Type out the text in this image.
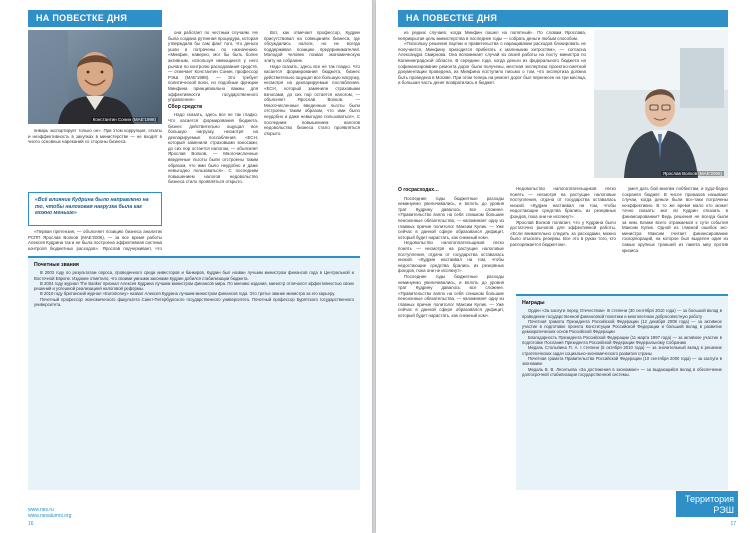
НА ПОВЕСТКЕ ДНЯ
Константин Сонин (МАЕ'1998)

январь экспортирует только он». При этом коррупция, откаты и неэффективность в закупках в министерстве — не входят в число основных нареканий со стороны бизнеса.

«Всё влияние Кудрина было направлено на то, чтобы налоговая нагрузка была как можно меньше»

«Первая претензия, — объясняет позицию бизнеса аналитик РСПП Ярослав Волков (МАЕ'2006), — за все время работы Алексея Кудрина так и не была построена эффективная система контроля бюджетных расходов». Ярослав подчеркивает, что

она работает по честным случаям. Не была создана рутинная процедура, которая утверждала бы сам факт того, что деньги ушли и потрачены по назначению. «Минфин, наверно, мог бы быть более активным, используя имеющиеся у него рычаги по контролю расходования средств, — отмечает Константин Сонин, профессор РЭШ (МАЕ'1998). — Это требует политической воли, но подобные функции Минфина принципиально важны для эффективности государственного управления».

Сбор средств

Надо сказать, здесь все не так гладко. Что касается формирования бюджета, бизнес действительно ощущал все большую нагрузку, несмотря на декларируемые послабления. «ЕСН, который заменили страховыми взносами, до сих пор остается налогом, — объясняет Ярослав Волков. — Многочисленные введенные льготы были отстроены таким образом, что ими было неудобно и даже невыгодно пользоваться». С последним повышением налогов недовольство бизнеса стало проявляться открыто.

Вот, как отмечает профессор, Кудрин присутствовал на совещаниях бизнеса, где обсуждались налоги, но не всегда поддерживал позицию предпринимателей. Молодой человек позвал экономическую элиту на собрание.

Надо сказать, здесь все не так гладко. Что касается формирования бюджета, бизнес действительно ощущал все большую нагрузку, несмотря на декларируемые послабления. «ЕСН, который заменили страховыми взносами, до сих пор остается налогом, — объясняет Ярослав Волков. — Многочисленные введенные льготы были отстроены таким образом, что ими было неудобно и даже невыгодно пользоваться». С последним повышением налогов недовольство бизнеса стало проявляться открыто.

Почетные звания

В 2003 году по результатам опроса, проведенного среди инвесторов и банкиров, Кудрин был назван лучшим министром финансов года в Центральной и Восточной Европе. Издание отметило, что своими умными законами Кудрин добился стабилизации бюджета.

В 2004 году журнал The Banker признал Алексея Кудрина лучшим министром финансов мира. По мнению издания, министр отличался эффективностью своих решений и успешной реализацией налоговой реформы.

В 2010 году британский журнал «Euromoney» назвал Алексея Кудрина лучшим министром финансов года. Это третье звание министра за его карьеру.

Почетный профессор экономического факультета Санкт-Петербургского государственного университета. Почетный профессор Бурятского государственного университета.

www.nes.ru
www.nesalumni.org
16
НА ПОВЕСТКЕ ДНЯ

из редких случаев, когда Минфин пошел на попятный». По словам Ярослава, неприкрытая цель министерства в последнее годы — собрать деньги любым способом.

«Поскольку решения партии и правительства о наращивании расходов блокировать не получается, Минфину приходится прибегать к маленьким хитростям», — согласна Александра Смирнова. Она вспоминает случай из своей работы на посту министра по Калининградской области. В середине года, когда деньги из федерального бюджета на софинансирование ремонта дорог были получены, местная экспертиза проектно-сметной документации проведена, из Минфина поступило письмо о том, что экспертиза должна быть проведена в Москве. При этом теперь на ремонт дорог был перенесен на три месяца, и большая часть денег возвратилась в бюджет.

Ярослав Волков (МАЕ'2006)

О госрасходах…

Последние годы бюджетные расходы неминуемо увеличивались, и вплоть до уровня трат Кудрину давалось все сложнее. «Правительство взяло на себя слишком большие пенсионные обязательства, — напоминает одну из главных причин политолог Максим Кулик. — Уже сейчас в данной сфере образовался дефицит, который будет нарастать, как снежный ком».

Недовольство налогоплательщиков легко понять — несмотря на растущие налоговые поступления, отдача от государства оставалась низкой. «Кудрин настаивал на том, чтобы недостающие средства брались из резервных фондов, пока они не иссякнут».

Последние годы бюджетные расходы неминуемо увеличивались, и вплоть до уровня трат Кудрину давалось все сложнее. «Правительство взяло на себя слишком большие пенсионные обязательства, — напоминает одну из главных причин политолог Максим Кулик. — Уже сейчас в данной сфере образовался дефицит, который будет нарастать, как снежный ком».

Недовольство налогоплательщиков легко понять — несмотря на растущие налоговые поступления, отдача от государства оставалась низкой. «Кудрин настаивал на том, чтобы недостающие средства брались из резервных фондов, пока они не иссякнут».

Ярослав Волков полагает, что у Кудрина было достаточно рычагов для эффективной работы. «Если внимательно следить за расходами, можно было отыскать резервы. Все это в руках того, кто распоряжается бюджетом».

умел дать бой многим лоббистам, и худо-бедно сохранял бюджет. В числе промахов называют случаи, когда деньги были все-таки потрачены неэффективно. В то же время мало кто может точно сказать: мог ли Кудрин отказать в финансировании? Ведь решения не всегда были за ним. Ближе всего отражаемся к сути события Максим Кулик. Одной из главной ошибок экс-министра Максим считает финансирование госкорпораций, на которое был выделен один из самых крупных траншей из пакета мер против кризиса.

Награды

Орден «За заслуги перед Отечеством» III степени (30 сентября 2010 года) — за большой вклад в проведение государственной финансовой политики и многолетнюю добросовестную работу

Почетная грамота Президента Российской Федерации (12 декабря 2008 года) — за активное участие в подготовке проекта Конституции Российской Федерации и большой вклад в развитие демократических основ Российской Федерации

Благодарность Президента Российской Федерации (11 марта 1997 года) — за активное участие в подготовке Послания Президента Российской Федерации Федеральному Собранию

Медаль Столыпина П. А. I степени (5 октября 2010 года) — за значительный вклад в решение стратегических задач социально-экономического развития страны

Почетная грамота Правительства Российской Федерации (10 сентября 2000 года) — за заслуги в экономике

Медаль В. В. Леонтьева «За достижения в экономике» — за выдающийся вклад в обеспечение долгосрочной стабилизации государственной системы.

Территория
РЭШ
17
